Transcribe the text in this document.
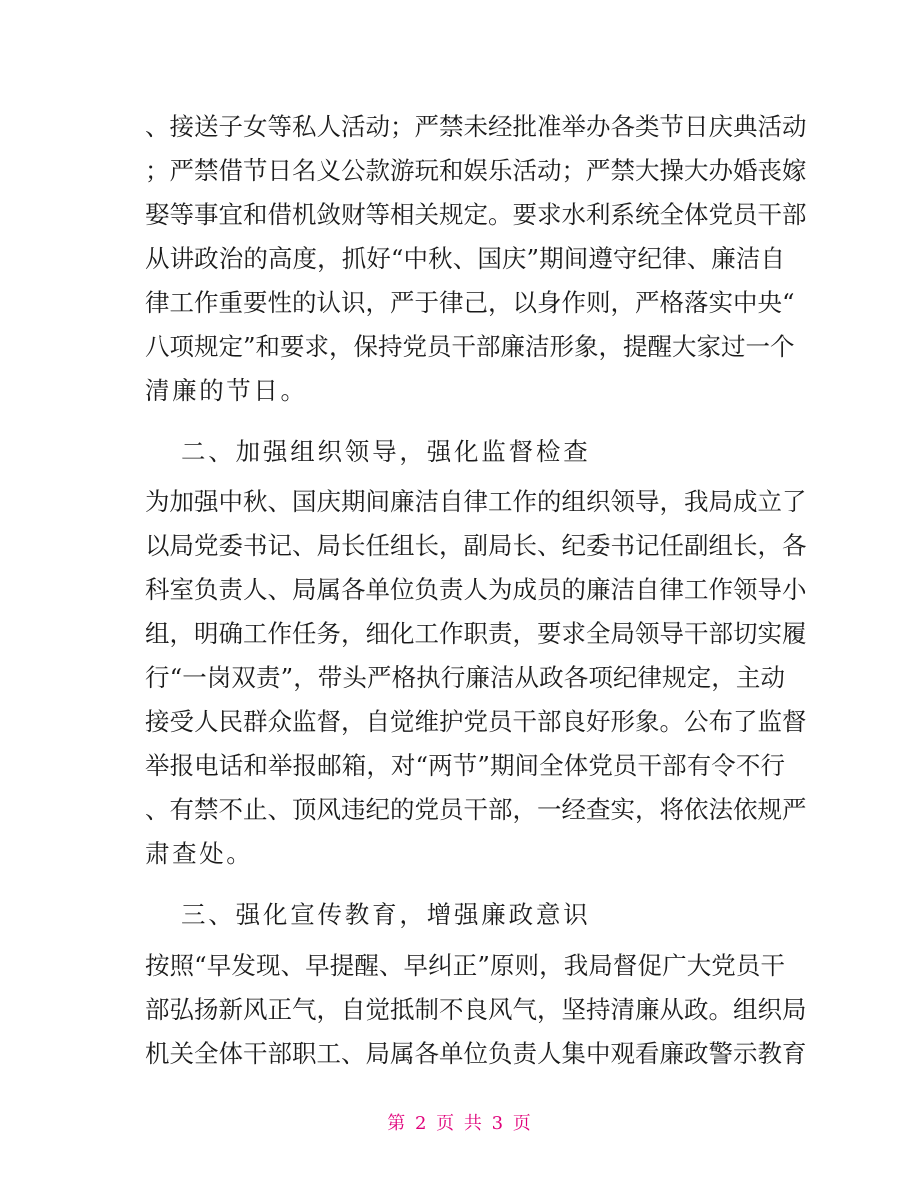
、接送子女等私人活动；严禁未经批准举办各类节日庆典活动
；严禁借节日名义公款游玩和娱乐活动；严禁大操大办婚丧嫁
娶等事宜和借机敛财等相关规定。要求水利系统全体党员干部
从讲政治的高度，抓好“中秋、国庆”期间遵守纪律、廉洁自
律工作重要性的认识，严于律己，以身作则，严格落实中央“
八项规定”和要求，保持党员干部廉洁形象，提醒大家过一个
清廉的节日。
二、加强组织领导，强化监督检查
为加强中秋、国庆期间廉洁自律工作的组织领导，我局成立了
以局党委书记、局长任组长，副局长、纪委书记任副组长，各
科室负责人、局属各单位负责人为成员的廉洁自律工作领导小
组，明确工作任务，细化工作职责，要求全局领导干部切实履
行“一岗双责”，带头严格执行廉洁从政各项纪律规定，主动
接受人民群众监督，自觉维护党员干部良好形象。公布了监督
举报电话和举报邮箱，对“两节”期间全体党员干部有令不行
、有禁不止、顶风违纪的党员干部，一经查实，将依法依规严
肃查处。
三、强化宣传教育，增强廉政意识
按照“早发现、早提醒、早纠正”原则，我局督促广大党员干
部弘扬新风正气，自觉抵制不良风气，坚持清廉从政。组织局
机关全体干部职工、局属各单位负责人集中观看廉政警示教育
第 2 页 共 3 页
